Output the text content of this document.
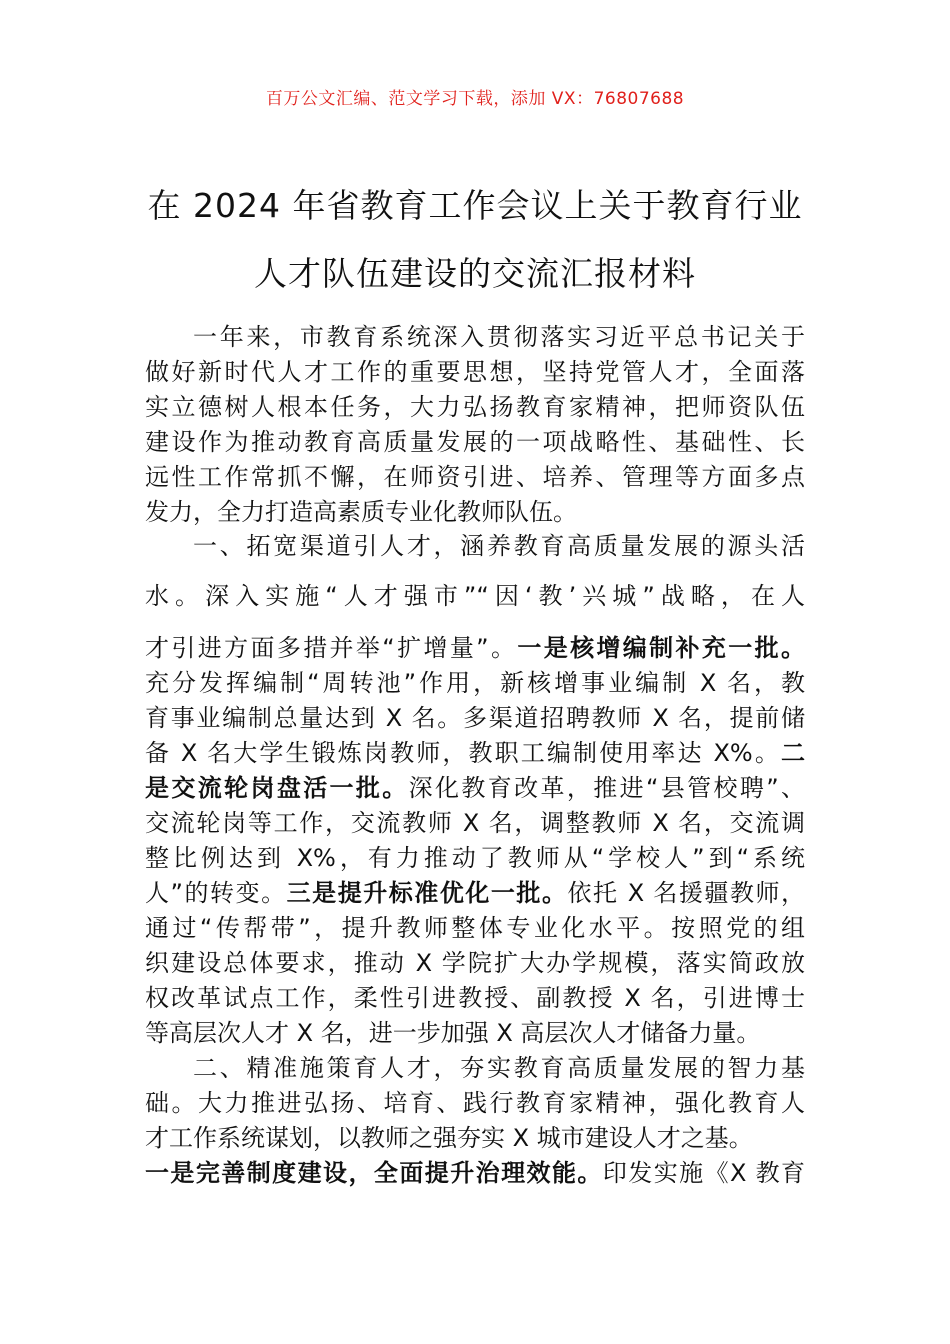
百万公文汇编、范文学习下载，添加 VX：76807688
在 2024 年省教育工作会议上关于教育行业
人才队伍建设的交流汇报材料
一年来，市教育系统深入贯彻落实习近平总书记关于
做好新时代人才工作的重要思想，坚持党管人才，全面落
实立德树人根本任务，大力弘扬教育家精神，把师资队伍
建设作为推动教育高质量发展的一项战略性、基础性、长
远性工作常抓不懈，在师资引进、培养、管理等方面多点
发力，全力打造高素质专业化教师队伍。
一、拓宽渠道引人才，涵养教育高质量发展的源头活
水。深入实施“人才强市”“因‘教’兴城”战略，在人
才引进方面多措并举“扩增量”。一是核增编制补充一批。
充分发挥编制“周转池”作用，新核增事业编制 X 名，教
育事业编制总量达到 X 名。多渠道招聘教师 X 名，提前储
备 X 名大学生锻炼岗教师，教职工编制使用率达 X%。二
是交流轮岗盘活一批。深化教育改革，推进“县管校聘”、
交流轮岗等工作，交流教师 X 名，调整教师 X 名，交流调
整比例达到 X%，有力推动了教师从“学校人”到“系统
人”的转变。三是提升标准优化一批。依托 X 名援疆教师，
通过“传帮带”，提升教师整体专业化水平。按照党的组
织建设总体要求，推动 X 学院扩大办学规模，落实简政放
权改革试点工作，柔性引进教授、副教授 X 名，引进博士
等高层次人才 X 名，进一步加强 X 高层次人才储备力量。
二、精准施策育人才，夯实教育高质量发展的智力基
础。大力推进弘扬、培育、践行教育家精神，强化教育人
才工作系统谋划，以教师之强夯实 X 城市建设人才之基。
一是完善制度建设，全面提升治理效能。印发实施《X 教育
